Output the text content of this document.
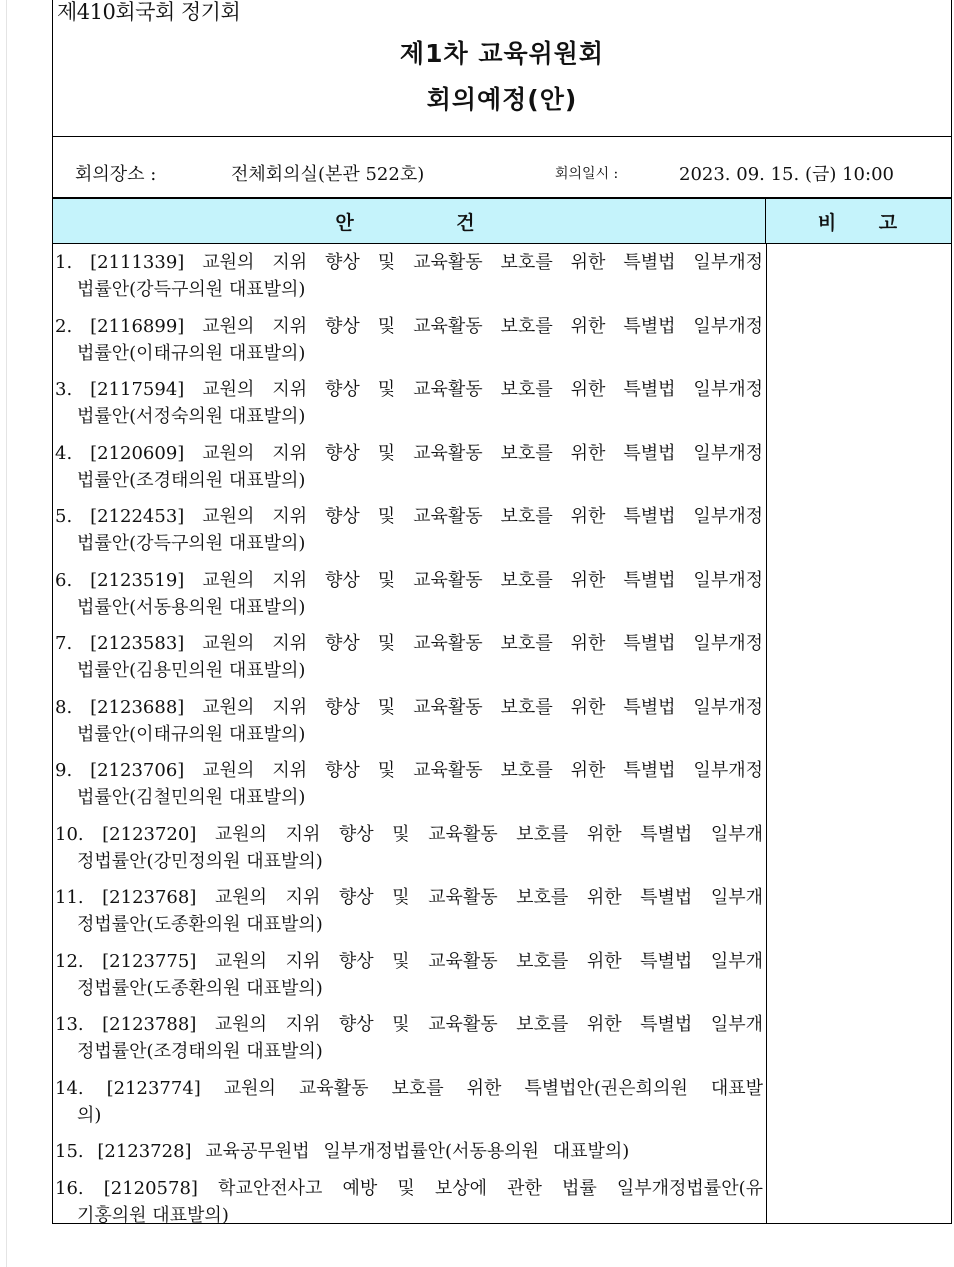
제410회국회 정기회
제1차 교육위원회
회의예정(안)
회의장소 :	전체회의실(본관 522호)	회의일시 :	2023. 09. 15. (금) 10:00
안 건	비 고
1. [2111339] 교원의 지위 향상 및 교육활동 보호를 위한 특별법 일부개정
법률안(강득구의원 대표발의)
2. [2116899] 교원의 지위 향상 및 교육활동 보호를 위한 특별법 일부개정
법률안(이태규의원 대표발의)
3. [2117594] 교원의 지위 향상 및 교육활동 보호를 위한 특별법 일부개정
법률안(서정숙의원 대표발의)
4. [2120609] 교원의 지위 향상 및 교육활동 보호를 위한 특별법 일부개정
법률안(조경태의원 대표발의)
5. [2122453] 교원의 지위 향상 및 교육활동 보호를 위한 특별법 일부개정
법률안(강득구의원 대표발의)
6. [2123519] 교원의 지위 향상 및 교육활동 보호를 위한 특별법 일부개정
법률안(서동용의원 대표발의)
7. [2123583] 교원의 지위 향상 및 교육활동 보호를 위한 특별법 일부개정
법률안(김용민의원 대표발의)
8. [2123688] 교원의 지위 향상 및 교육활동 보호를 위한 특별법 일부개정
법률안(이태규의원 대표발의)
9. [2123706] 교원의 지위 향상 및 교육활동 보호를 위한 특별법 일부개정
법률안(김철민의원 대표발의)
10. [2123720] 교원의 지위 향상 및 교육활동 보호를 위한 특별법 일부개
정법률안(강민정의원 대표발의)
11. [2123768] 교원의 지위 향상 및 교육활동 보호를 위한 특별법 일부개
정법률안(도종환의원 대표발의)
12. [2123775] 교원의 지위 향상 및 교육활동 보호를 위한 특별법 일부개
정법률안(도종환의원 대표발의)
13. [2123788] 교원의 지위 향상 및 교육활동 보호를 위한 특별법 일부개
정법률안(조경태의원 대표발의)
14. [2123774] 교원의 교육활동 보호를 위한 특별법안(권은희의원 대표발
의)
15. [2123728] 교육공무원법 일부개정법률안(서동용의원 대표발의)
16. [2120578] 학교안전사고 예방 및 보상에 관한 법률 일부개정법률안(유
기홍의원 대표발의)
